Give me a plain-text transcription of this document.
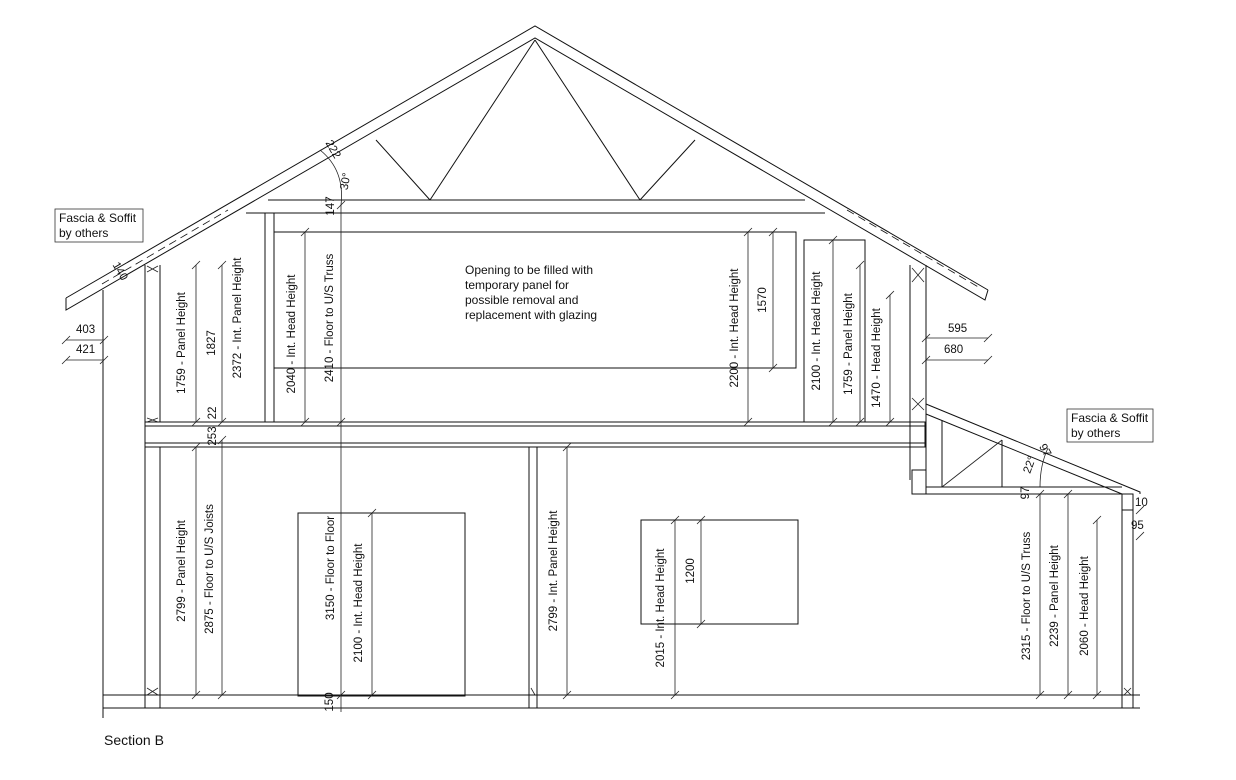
Fascia & Soffit
by others
Fascia & Soffit
by others
Opening to be filled with
temporary panel for
possible removal and
replacement with glazing
Section B
1759 - Panel Height 1827 2372 - Int. Panel Height	2040 - Int. Head Height 2410 - Floor to U/S Truss	2200 - Int. Head Height 1570	2100 - Int. Head Height 1759 - Panel Height 1470 - Head Height
253
22
147
2799 - Panel Height 2875 - Floor to U/S Joists	3150 - Floor to Floor 2100 - Int. Head Height	2799 - Int. Panel Height	2015 - Int. Head Height 1200	2315 - Floor to U/S Truss 2239 - Panel Height 2060 - Head Height
150
222
30°
140
403
421
595
680
97
22°
97
10
95
